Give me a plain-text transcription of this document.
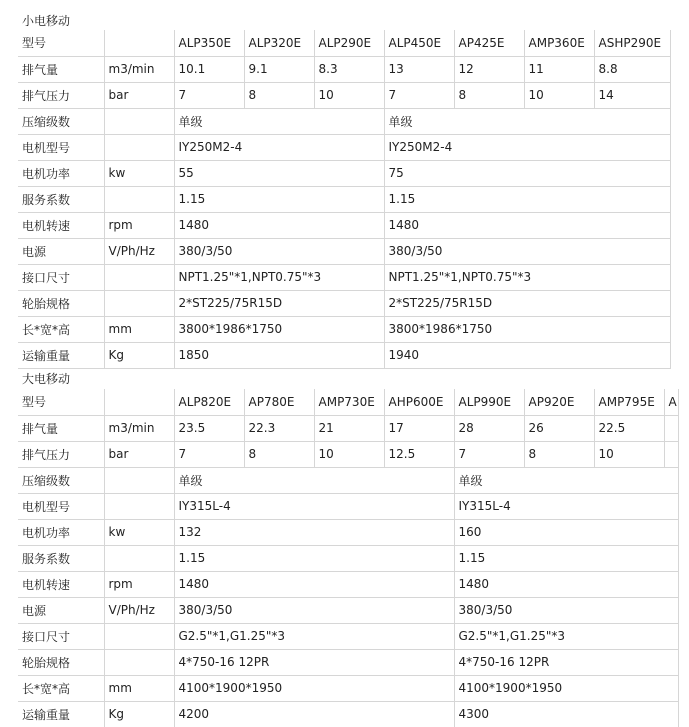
小电移动
型号		ALP350E	ALP320E	ALP290E	ALP450E	AP425E	AMP360E	ASHP290E
排气量	m3/min	10.1	9.1	8.3	13	12	11	8.8
排气压力	bar	7	8	10	7	8	10	14
压缩级数		单级			单级			
电机型号		IY250M2-4			IY250M2-4			
电机功率	kw	55			75			
服务系数		1.15			1.15			
电机转速	rpm	1480			1480			
电源	V/Ph/Hz	380/3/50			380/3/50			
接口尺寸		NPT1.25"*1,NPT0.75"*3			NPT1.25"*1,NPT0.75"*3			
轮胎规格		2*ST225/75R15D			2*ST225/75R15D			
长*宽*高	mm	3800*1986*1750			3800*1986*1750			
运输重量	Kg	1850			1940			
大电移动
型号		ALP820E	AP780E	AMP730E	AHP600E	ALP990E	AP920E	AMP795E	A
排气量	m3/min	23.5	22.3	21	17	28	26	22.5	
排气压力	bar	7	8	10	12.5	7	8	10	
压缩级数		单级				单级			
电机型号		IY315L-4				IY315L-4			
电机功率	kw	132				160			
服务系数		1.15				1.15			
电机转速	rpm	1480				1480			
电源	V/Ph/Hz	380/3/50				380/3/50			
接口尺寸		G2.5"*1,G1.25"*3				G2.5"*1,G1.25"*3			
轮胎规格		4*750-16 12PR				4*750-16 12PR			
长*宽*高	mm	4100*1900*1950				4100*1900*1950			
运输重量	Kg	4200				4300			
